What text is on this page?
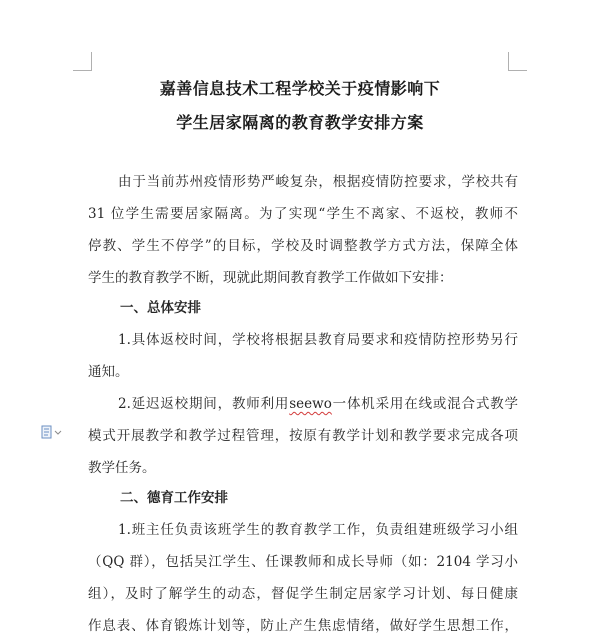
嘉善信息技术工程学校关于疫情影响下
学生居家隔离的教育教学安排方案
由于当前苏州疫情形势严峻复杂，根据疫情防控要求，学校共有
31 位学生需要居家隔离。为了实现“学生不离家、不返校，教师不
停教、学生不停学”的目标，学校及时调整教学方式方法，保障全体
学生的教育教学不断，现就此期间教育教学工作做如下安排：
一、总体安排
1.具体返校时间，学校将根据县教育局要求和疫情防控形势另行
通知。
2.延迟返校期间，教师利用seewo一体机采用在线或混合式教学
模式开展教学和教学过程管理，按原有教学计划和教学要求完成各项
教学任务。
二、德育工作安排
1.班主任负责该班学生的教育教学工作，负责组建班级学习小组
（QQ 群），包括吴江学生、任课教师和成长导师（如：2104 学习小
组），及时了解学生的动态，督促学生制定居家学习计划、每日健康
作息表、体育锻炼计划等，防止产生焦虑情绪，做好学生思想工作，
